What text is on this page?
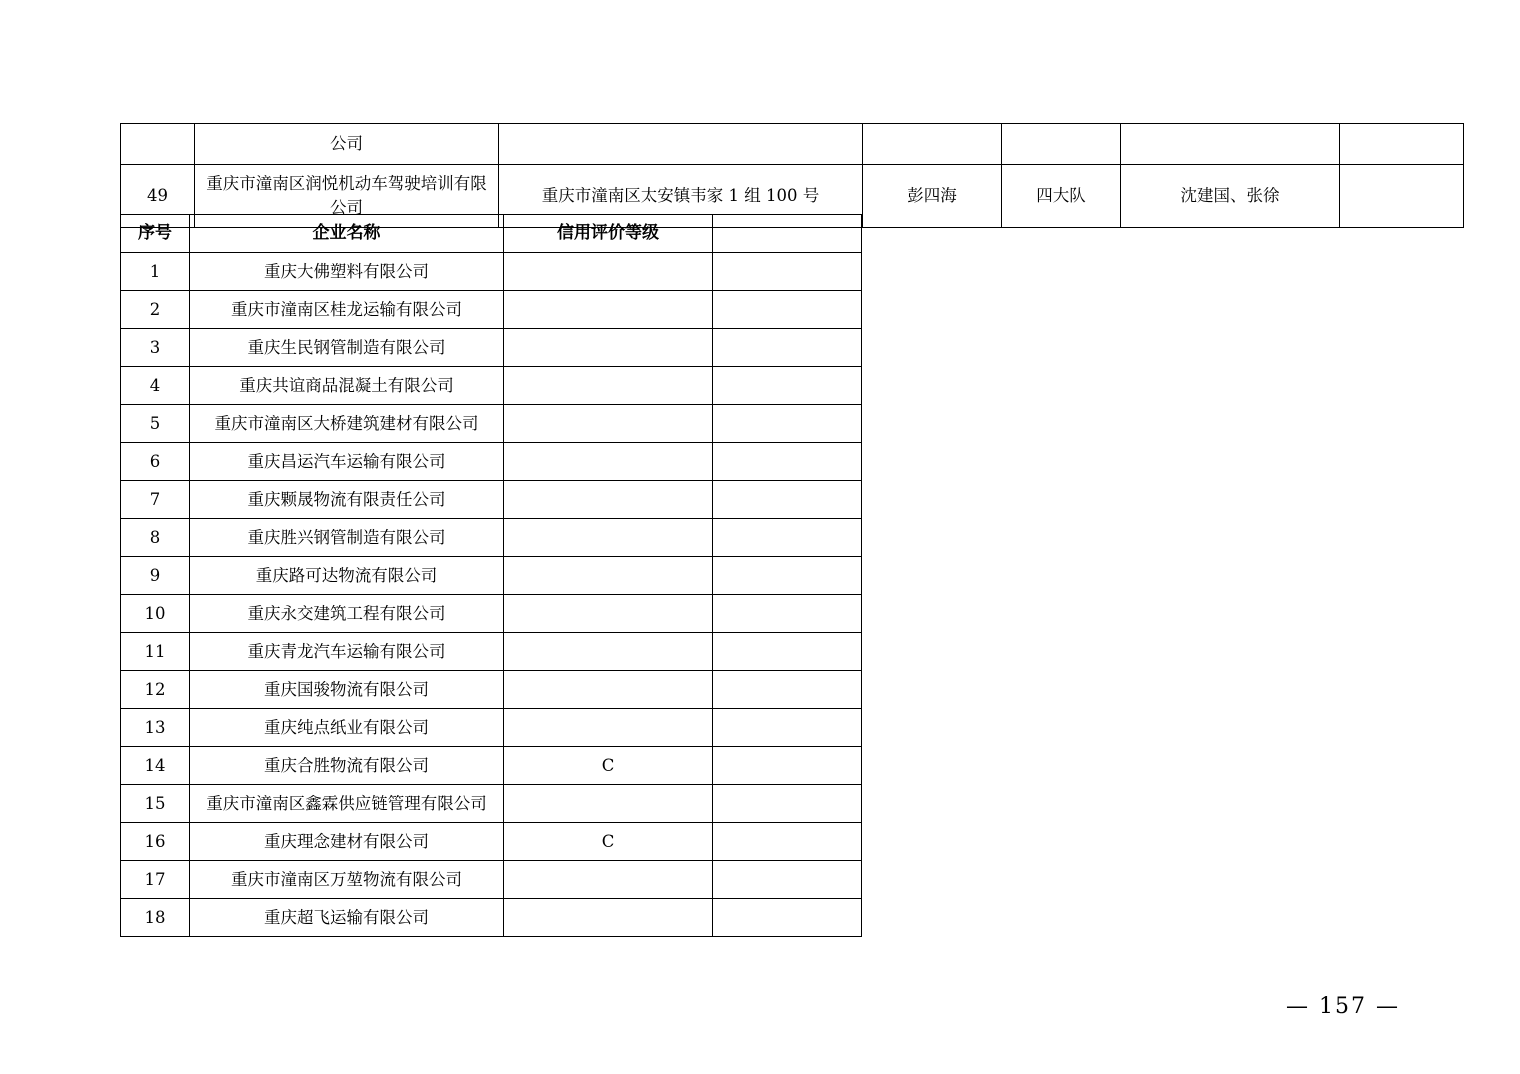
	公司					
49	重庆市潼南区润悦机动车驾驶培训有限公司	重庆市潼南区太安镇韦家 1 组 100 号	彭四海	四大队	沈建国、张徐	
序号	企业名称	信用评价等级	
1	重庆大佛塑料有限公司		
2	重庆市潼南区桂龙运输有限公司		
3	重庆生民钢管制造有限公司		
4	重庆共谊商品混凝土有限公司		
5	重庆市潼南区大桥建筑建材有限公司		
6	重庆昌运汽车运输有限公司		
7	重庆颗晟物流有限责任公司		
8	重庆胜兴钢管制造有限公司		
9	重庆路可达物流有限公司		
10	重庆永交建筑工程有限公司		
11	重庆青龙汽车运输有限公司		
12	重庆国骏物流有限公司		
13	重庆纯点纸业有限公司		
14	重庆合胜物流有限公司	C	
15	重庆市潼南区鑫霖供应链管理有限公司		
16	重庆理念建材有限公司	C	
17	重庆市潼南区万堃物流有限公司		
18	重庆超飞运输有限公司		
— 157 —
